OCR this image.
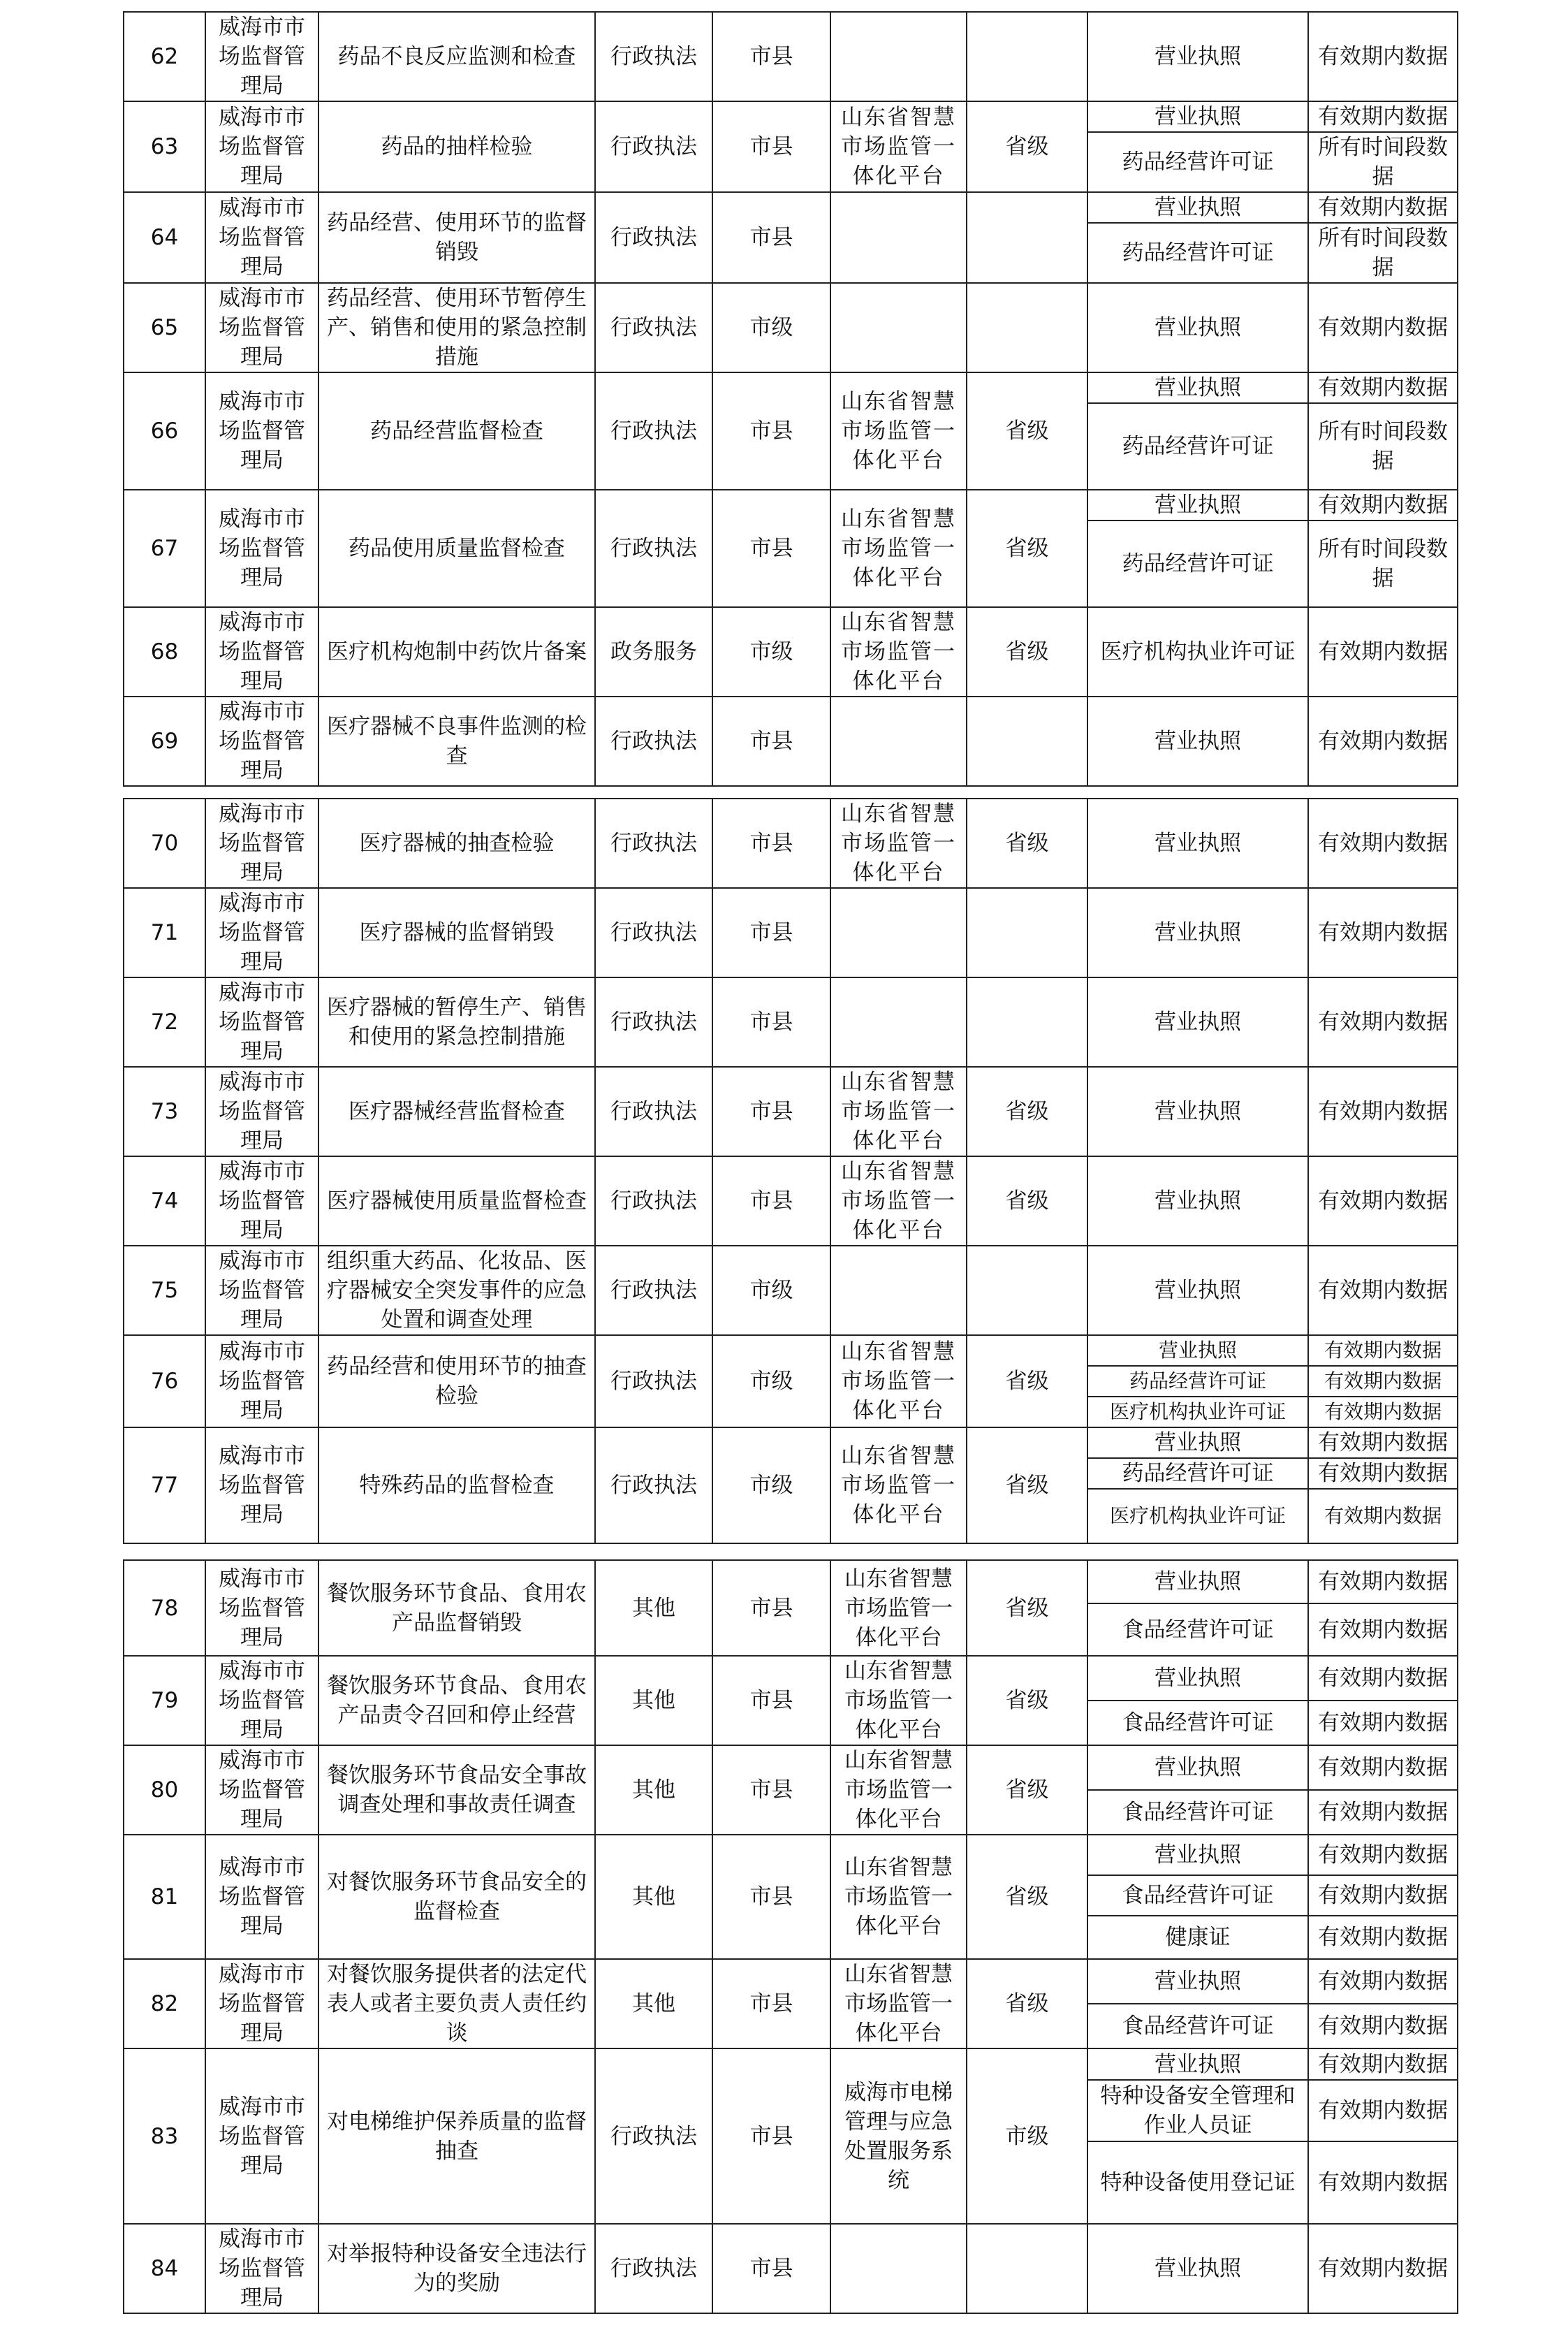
62	威海市市场监督管理局	药品不良反应监测和检查	行政执法	市县			营业执照	有效期内数据
63	威海市市场监督管理局	药品的抽样检验	行政执法	市县	山东省智慧市场监管一体化平台	省级	营业执照	有效期内数据
							药品经营许可证	所有时间段数据
64	威海市市场监督管理局	药品经营、使用环节的监督销毁	行政执法	市县			营业执照	有效期内数据
							药品经营许可证	所有时间段数据
65	威海市市场监督管理局	药品经营、使用环节暂停生产、销售和使用的紧急控制措施	行政执法	市级			营业执照	有效期内数据
66	威海市市场监督管理局	药品经营监督检查	行政执法	市县	山东省智慧市场监管一体化平台	省级	营业执照	有效期内数据
							药品经营许可证	所有时间段数据
67	威海市市场监督管理局	药品使用质量监督检查	行政执法	市县	山东省智慧市场监管一体化平台	省级	营业执照	有效期内数据
							药品经营许可证	所有时间段数据
68	威海市市场监督管理局	医疗机构炮制中药饮片备案	政务服务	市级	山东省智慧市场监管一体化平台	省级	医疗机构执业许可证	有效期内数据
69	威海市市场监督管理局	医疗器械不良事件监测的检查	行政执法	市县			营业执照	有效期内数据
70	威海市市场监督管理局	医疗器械的抽查检验	行政执法	市县	山东省智慧市场监管一体化平台	省级	营业执照	有效期内数据
71	威海市市场监督管理局	医疗器械的监督销毁	行政执法	市县			营业执照	有效期内数据
72	威海市市场监督管理局	医疗器械的暂停生产、销售和使用的紧急控制措施	行政执法	市县			营业执照	有效期内数据
73	威海市市场监督管理局	医疗器械经营监督检查	行政执法	市县	山东省智慧市场监管一体化平台	省级	营业执照	有效期内数据
74	威海市市场监督管理局	医疗器械使用质量监督检查	行政执法	市县	山东省智慧市场监管一体化平台	省级	营业执照	有效期内数据
75	威海市市场监督管理局	组织重大药品、化妆品、医疗器械安全突发事件的应急处置和调查处理	行政执法	市级			营业执照	有效期内数据
76	威海市市场监督管理局	药品经营和使用环节的抽查检验	行政执法	市级	山东省智慧市场监管一体化平台	省级	营业执照	有效期内数据
							药品经营许可证	有效期内数据
							医疗机构执业许可证	有效期内数据
77	威海市市场监督管理局	特殊药品的监督检查	行政执法	市级	山东省智慧市场监管一体化平台	省级	营业执照	有效期内数据
							药品经营许可证	有效期内数据
							医疗机构执业许可证	有效期内数据
78	威海市市场监督管理局	餐饮服务环节食品、食用农产品监督销毁	其他	市县	山东省智慧市场监管一体化平台	省级	营业执照	有效期内数据
							食品经营许可证	有效期内数据
79	威海市市场监督管理局	餐饮服务环节食品、食用农产品责令召回和停止经营	其他	市县	山东省智慧市场监管一体化平台	省级	营业执照	有效期内数据
							食品经营许可证	有效期内数据
80	威海市市场监督管理局	餐饮服务环节食品安全事故调查处理和事故责任调查	其他	市县	山东省智慧市场监管一体化平台	省级	营业执照	有效期内数据
							食品经营许可证	有效期内数据
81	威海市市场监督管理局	对餐饮服务环节食品安全的监督检查	其他	市县	山东省智慧市场监管一体化平台	省级	营业执照	有效期内数据
							食品经营许可证	有效期内数据
							健康证	有效期内数据
82	威海市市场监督管理局	对餐饮服务提供者的法定代表人或者主要负责人责任约谈	其他	市县	山东省智慧市场监管一体化平台	省级	营业执照	有效期内数据
							食品经营许可证	有效期内数据
83	威海市市场监督管理局	对电梯维护保养质量的监督抽查	行政执法	市县	威海市电梯管理与应急处置服务系统	市级	营业执照	有效期内数据
							特种设备安全管理和作业人员证	有效期内数据
							特种设备使用登记证	有效期内数据
84	威海市市场监督管理局	对举报特种设备安全违法行为的奖励	行政执法	市县			营业执照	有效期内数据
